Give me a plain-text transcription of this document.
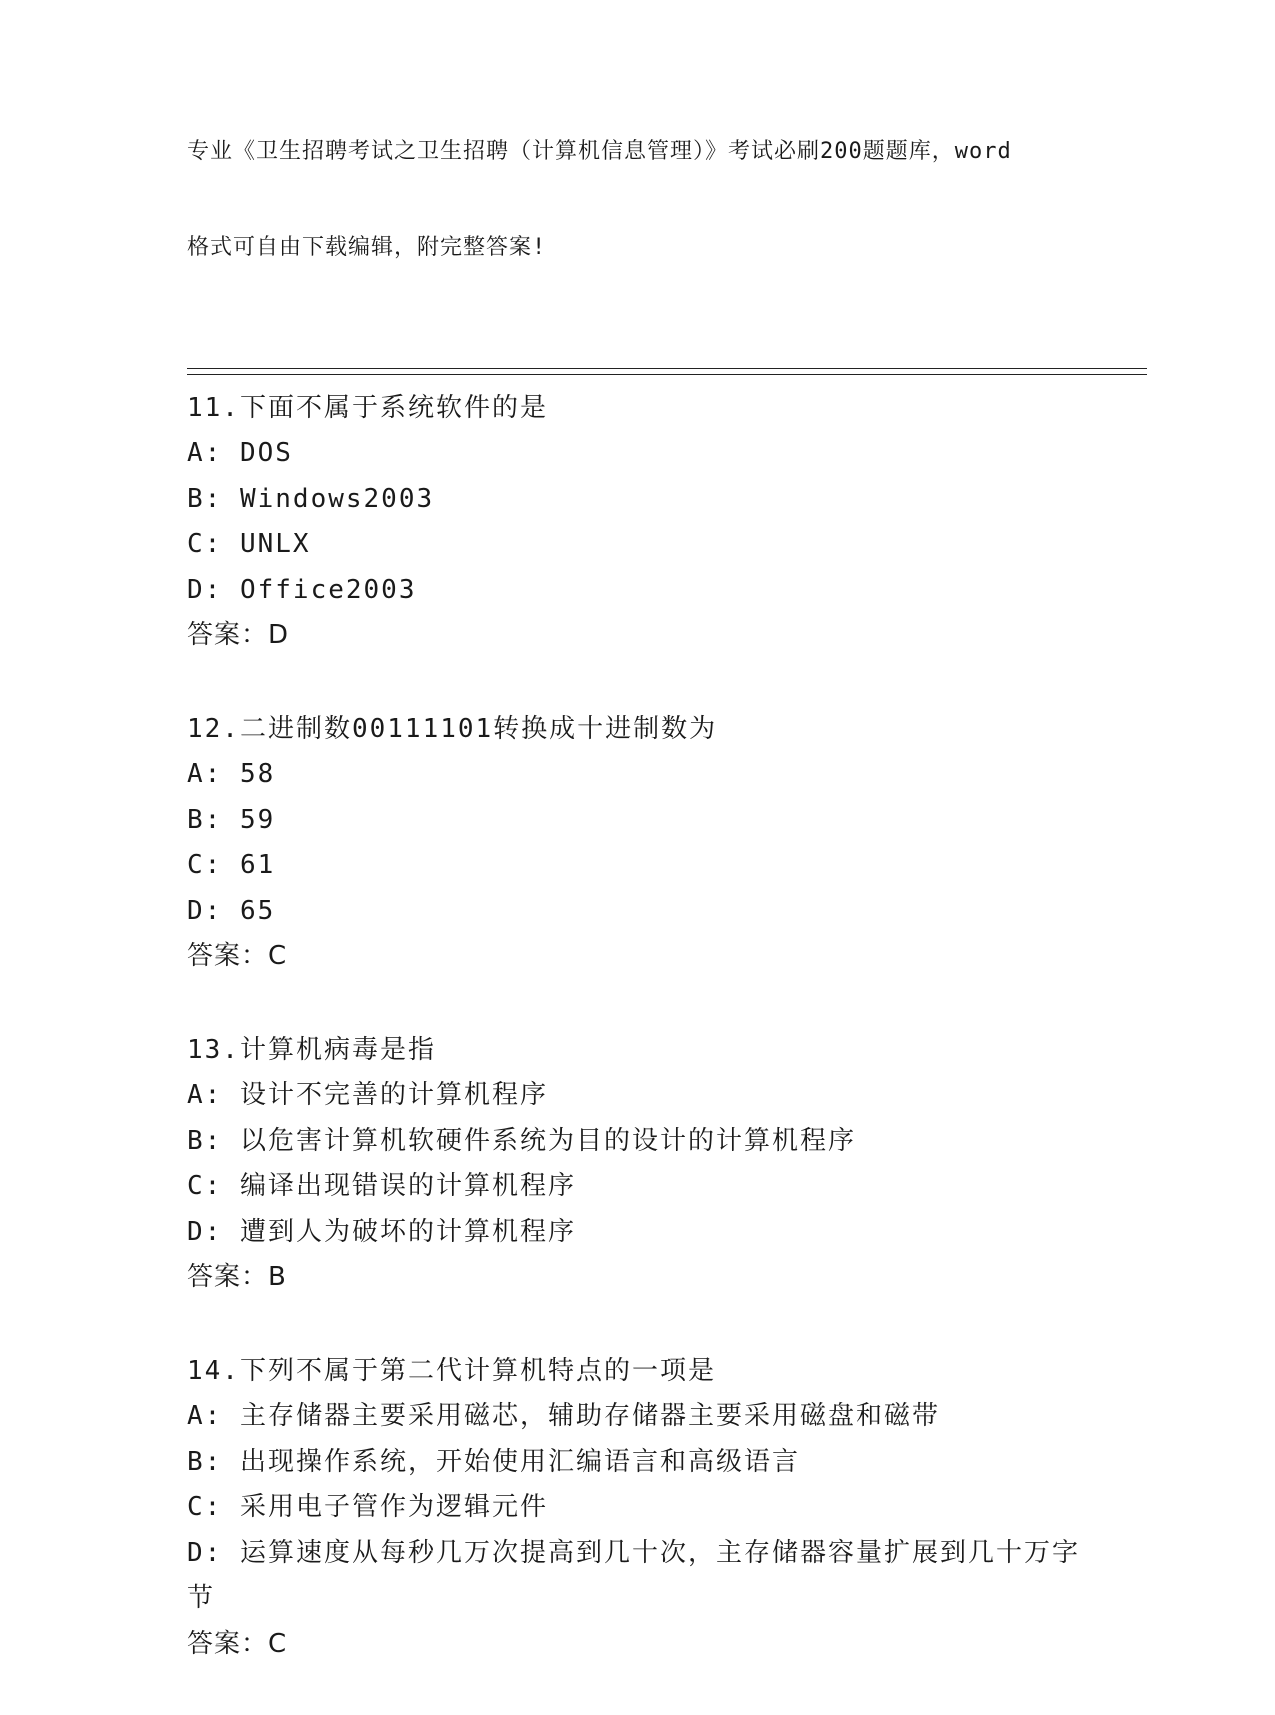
专业《卫生招聘考试之卫生招聘（计算机信息管理）》考试必刷200题题库，word

格式可自由下载编辑，附完整答案!

11.下面不属于系统软件的是
A: DOS
B: Windows2003
C: UNLX
D: Office2003
答案：D
12.二进制数00111101转换成十进制数为
A: 58
B: 59
C: 61
D: 65
答案：C
13.计算机病毒是指
A: 设计不完善的计算机程序
B: 以危害计算机软硬件系统为目的设计的计算机程序
C: 编译出现错误的计算机程序
D: 遭到人为破坏的计算机程序
答案：B
14.下列不属于第二代计算机特点的一项是
A: 主存储器主要采用磁芯，辅助存储器主要采用磁盘和磁带
B: 出现操作系统，开始使用汇编语言和高级语言
C: 采用电子管作为逻辑元件
D: 运算速度从每秒几万次提高到几十次，主存储器容量扩展到几十万字节
答案：C
